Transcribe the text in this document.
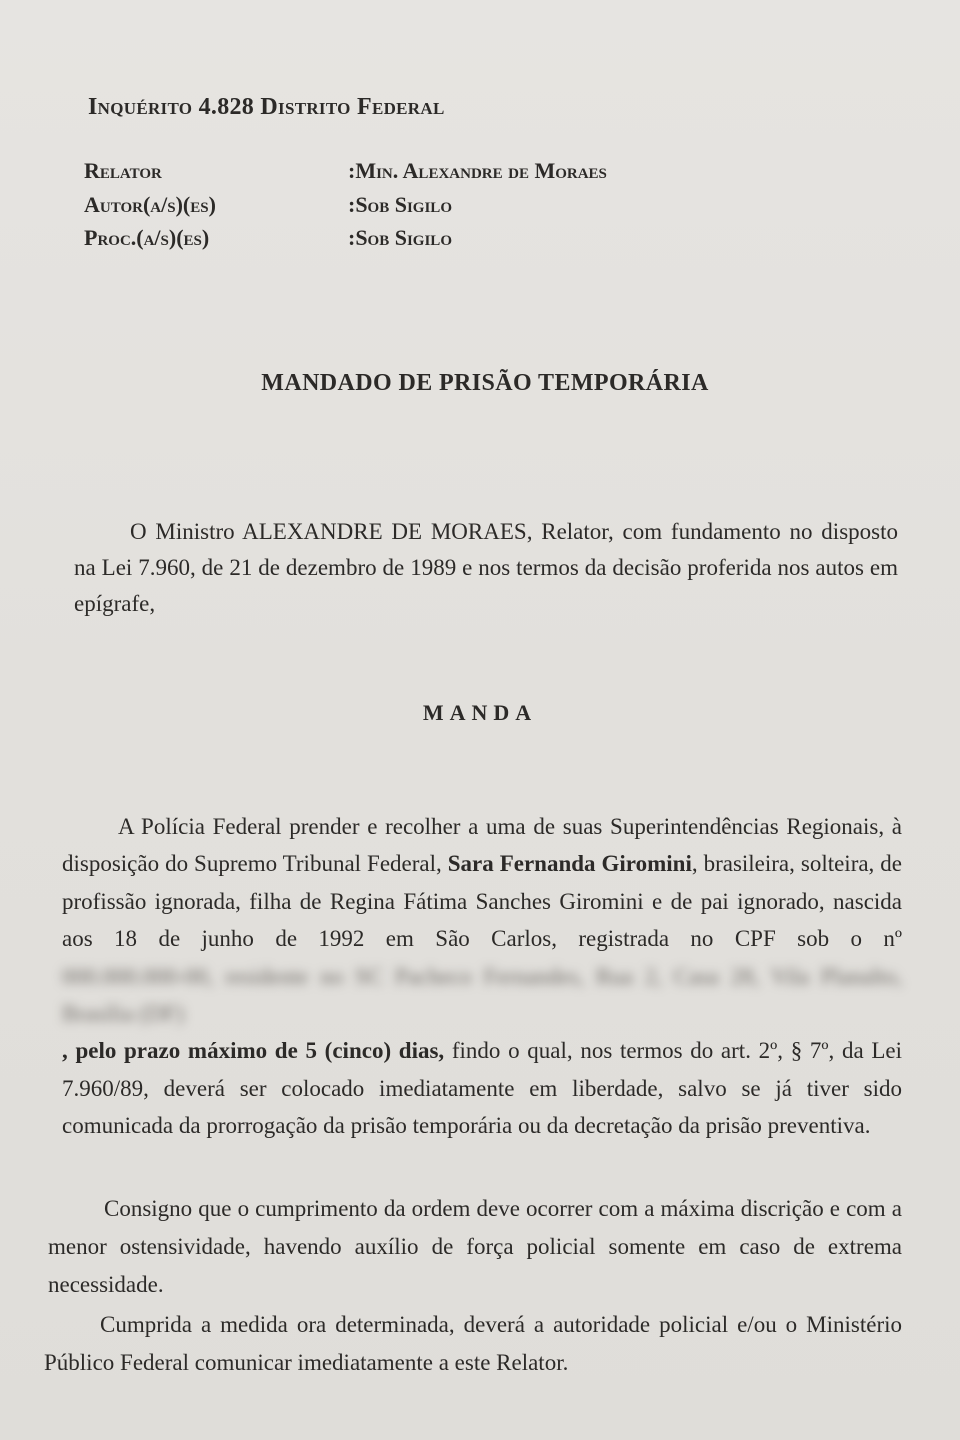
Inquérito 4.828 Distrito Federal
Relator	:Min. Alexandre de Moraes
Autor(a/s)(es)	:Sob Sigilo
Proc.(a/s)(es)	:Sob Sigilo
MANDADO DE PRISÃO TEMPORÁRIA

O Ministro ALEXANDRE DE MORAES, Relator, com fundamento no disposto na Lei 7.960, de 21 de dezembro de 1989 e nos termos da decisão proferida nos autos em epígrafe,

MANDA

A Polícia Federal prender e recolher a uma de suas Superintendências Regionais, à disposição do Supremo Tribunal Federal, Sara Fernanda Giromini, brasileira, solteira, de profissão ignorada, filha de Regina Fátima Sanches Giromini e de pai ignorado, nascida aos 18 de junho de 1992 em São Carlos, registrada no CPF sob o nº 000.000.000-00, residente no SC Pacheco Fernandes, Rua 2, Casa 28, Vila Planalto, Brasília (DF), pelo prazo máximo de 5 (cinco) dias, findo o qual, nos termos do art. 2º, § 7º, da Lei 7.960/89, deverá ser colocado imediatamente em liberdade, salvo se já tiver sido comunicada da prorrogação da prisão temporária ou da decretação da prisão preventiva.

Consigno que o cumprimento da ordem deve ocorrer com a máxima discrição e com a menor ostensividade, havendo auxílio de força policial somente em caso de extrema necessidade.

Cumprida a medida ora determinada, deverá a autoridade policial e/ou o Ministério Público Federal comunicar imediatamente a este Relator.
